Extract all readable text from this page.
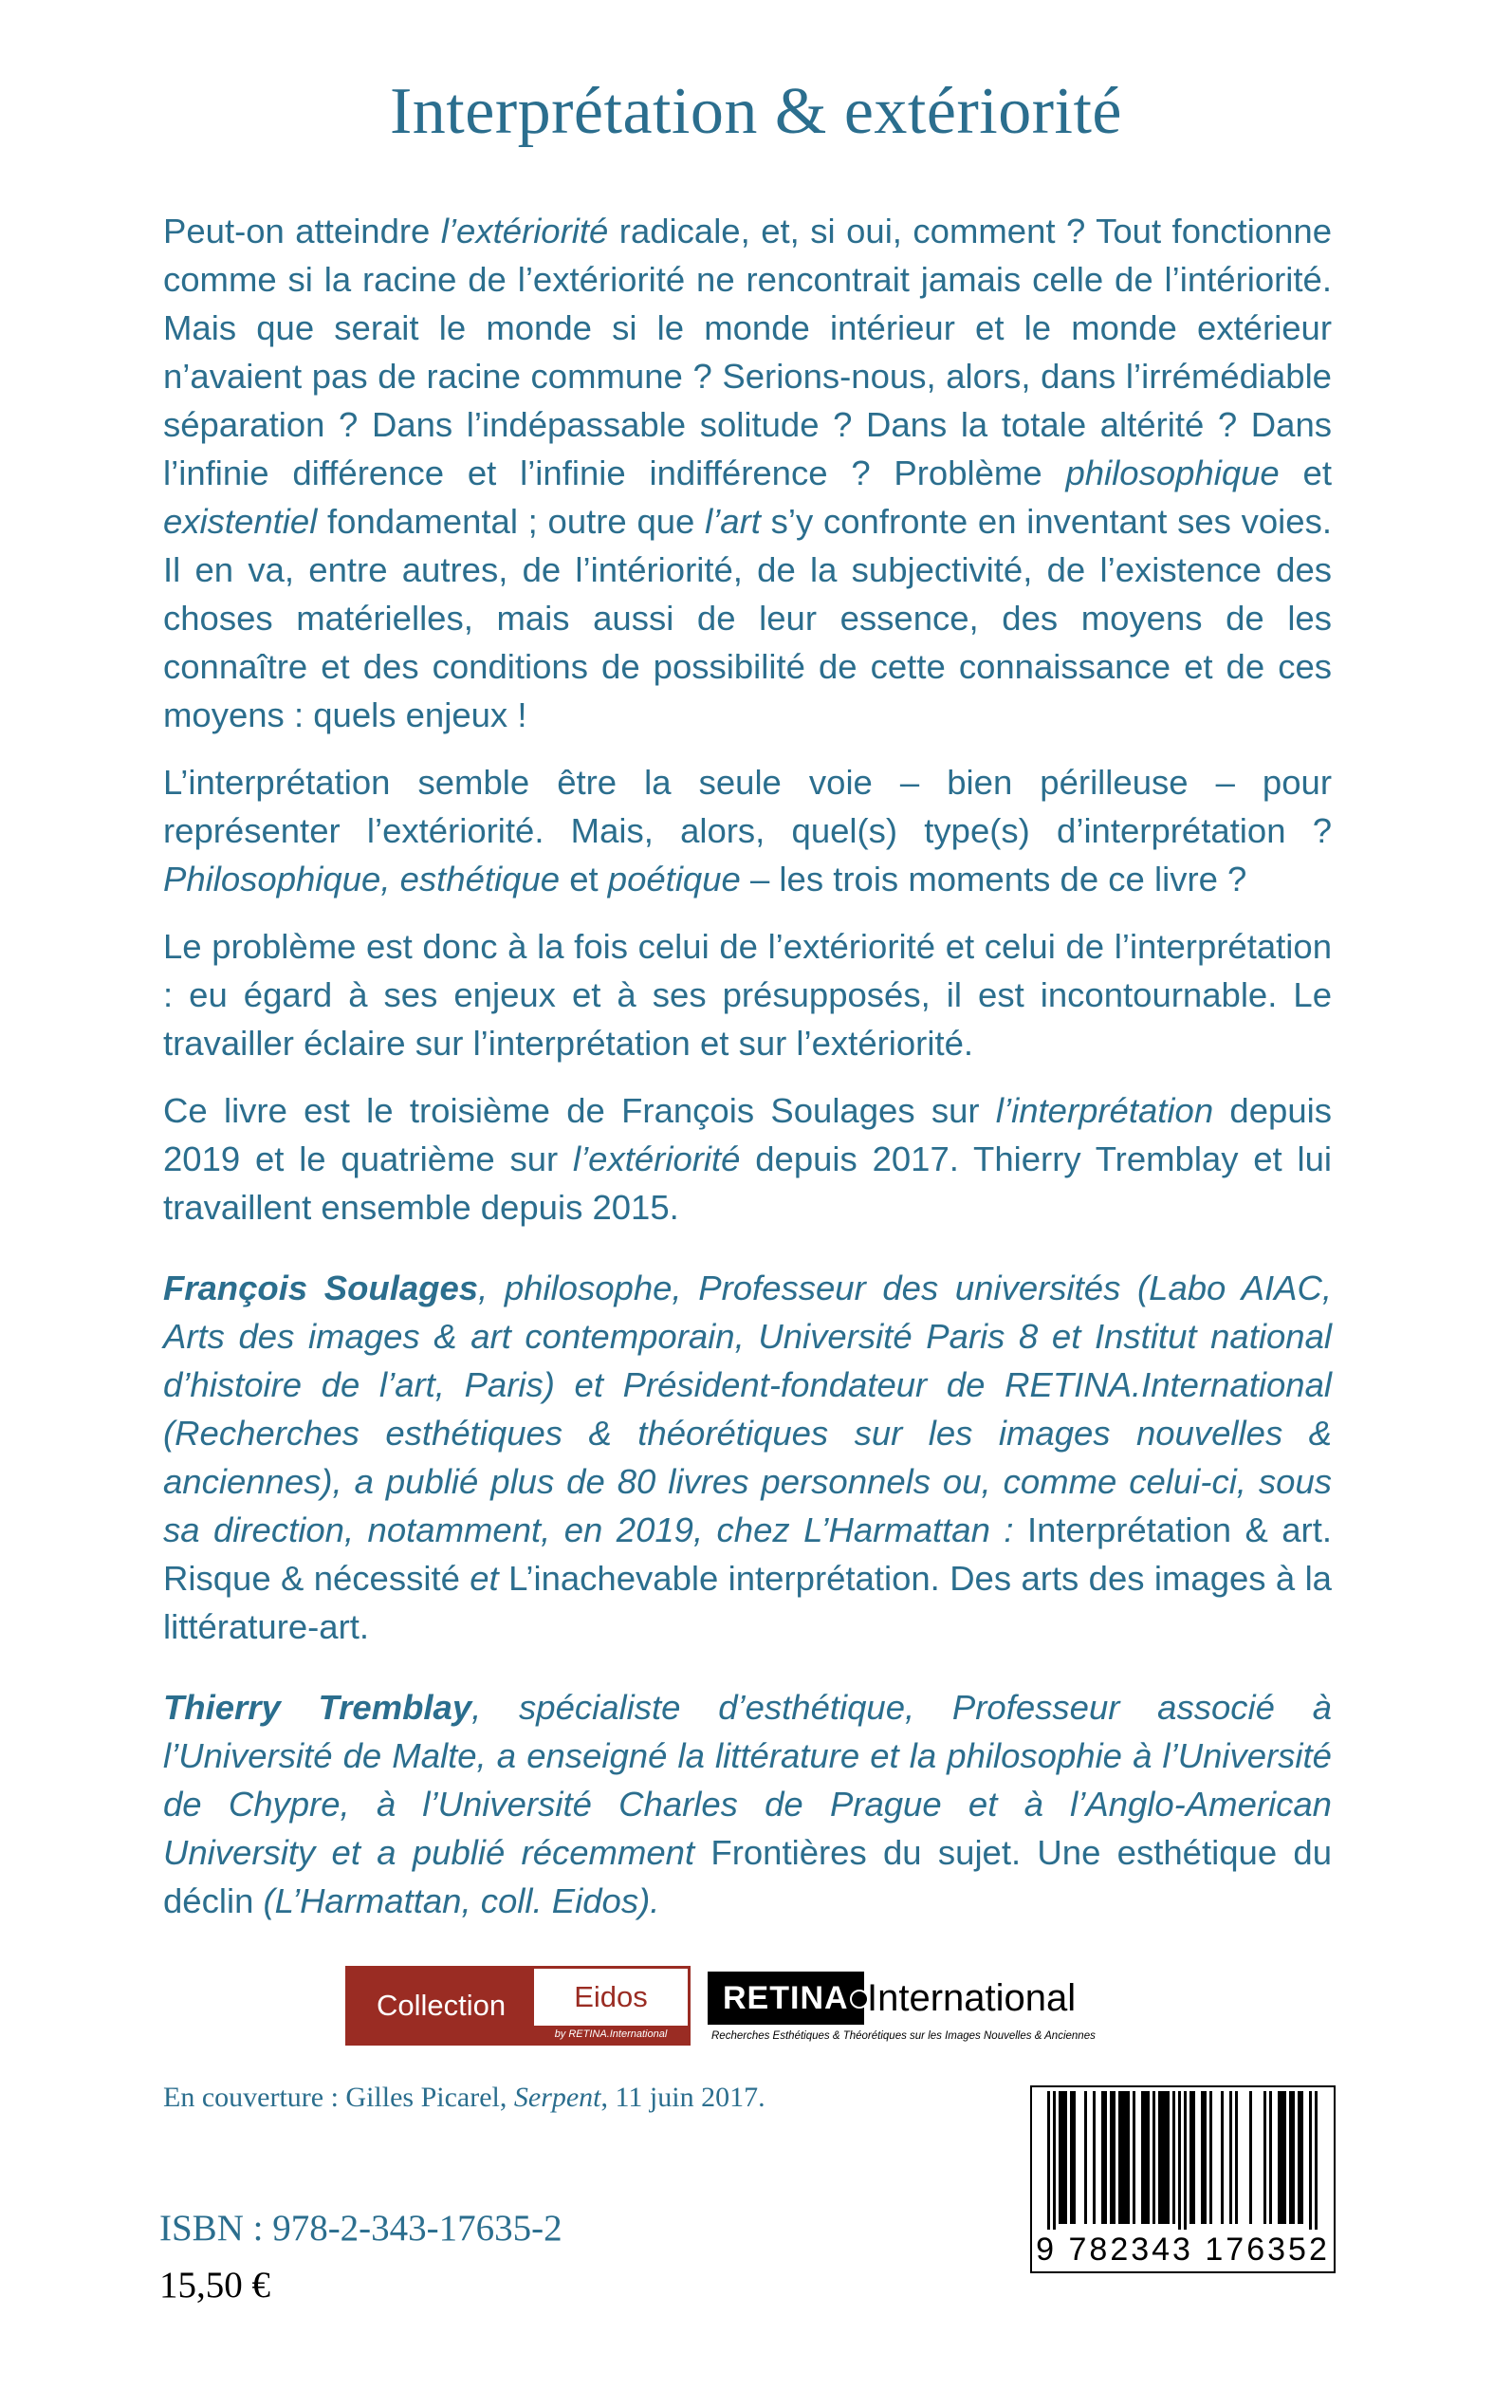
Interprétation & extériorité

Peut-on atteindre l’extériorité radicale, et, si oui, comment ? Tout fonctionne comme si la racine de l’extériorité ne rencontrait jamais celle de l’intériorité. Mais que serait le monde si le monde intérieur et le monde extérieur n’avaient pas de racine commune ? Serions-nous, alors, dans l’irrémédiable séparation ? Dans l’indépassable solitude ? Dans la totale altérité ? Dans l’infinie différence et l’infinie indifférence ? Problème philosophique et existentiel fondamental ; outre que l’art s’y confronte en inventant ses voies. Il en va, entre autres, de l’intériorité, de la subjectivité, de l’existence des choses matérielles, mais aussi de leur essence, des moyens de les connaître et des conditions de possibilité de cette connaissance et de ces moyens : quels enjeux !

L’interprétation semble être la seule voie – bien périlleuse – pour représenter l’extériorité. Mais, alors, quel(s) type(s) d’interprétation ? Philosophique, esthétique et poétique – les trois moments de ce livre ?

Le problème est donc à la fois celui de l’extériorité et celui de l’interprétation : eu égard à ses enjeux et à ses présupposés, il est incontournable. Le travailler éclaire sur l’interprétation et sur l’extériorité.

Ce livre est le troisième de François Soulages sur l’interprétation depuis 2019 et le quatrième sur l’extériorité depuis 2017. Thierry Tremblay et lui travaillent ensemble depuis 2015.

François Soulages, philosophe, Professeur des universités (Labo AIAC, Arts des images & art contemporain, Université Paris 8 et Institut national d’histoire de l’art, Paris) et Président-fondateur de RETINA.International (Recherches esthétiques & théorétiques sur les images nouvelles & anciennes), a publié plus de 80 livres personnels ou, comme celui-ci, sous sa direction, notamment, en 2019, chez L’Harmattan : Interprétation & art. Risque & nécessité et L’inachevable interprétation. Des arts des images à la littérature-art.

Thierry Tremblay, spécialiste d’esthétique, Professeur associé à l’Université de Malte, a enseigné la littérature et la philosophie à l’Université de Chypre, à l’Université Charles de Prague et à l’Anglo-American University et a publié récemment Frontières du sujet. Une esthétique du déclin (L’Harmattan, coll. Eidos).

Collection	Eidos
by RETINA.International
RETINA International
Recherches Esthétiques & Théorétiques sur les Images Nouvelles & Anciennes

En couverture : Gilles Picarel, Serpent, 11 juin 2017.

ISBN : 978-2-343-17635-2

15,50 €

9 782343 176352
